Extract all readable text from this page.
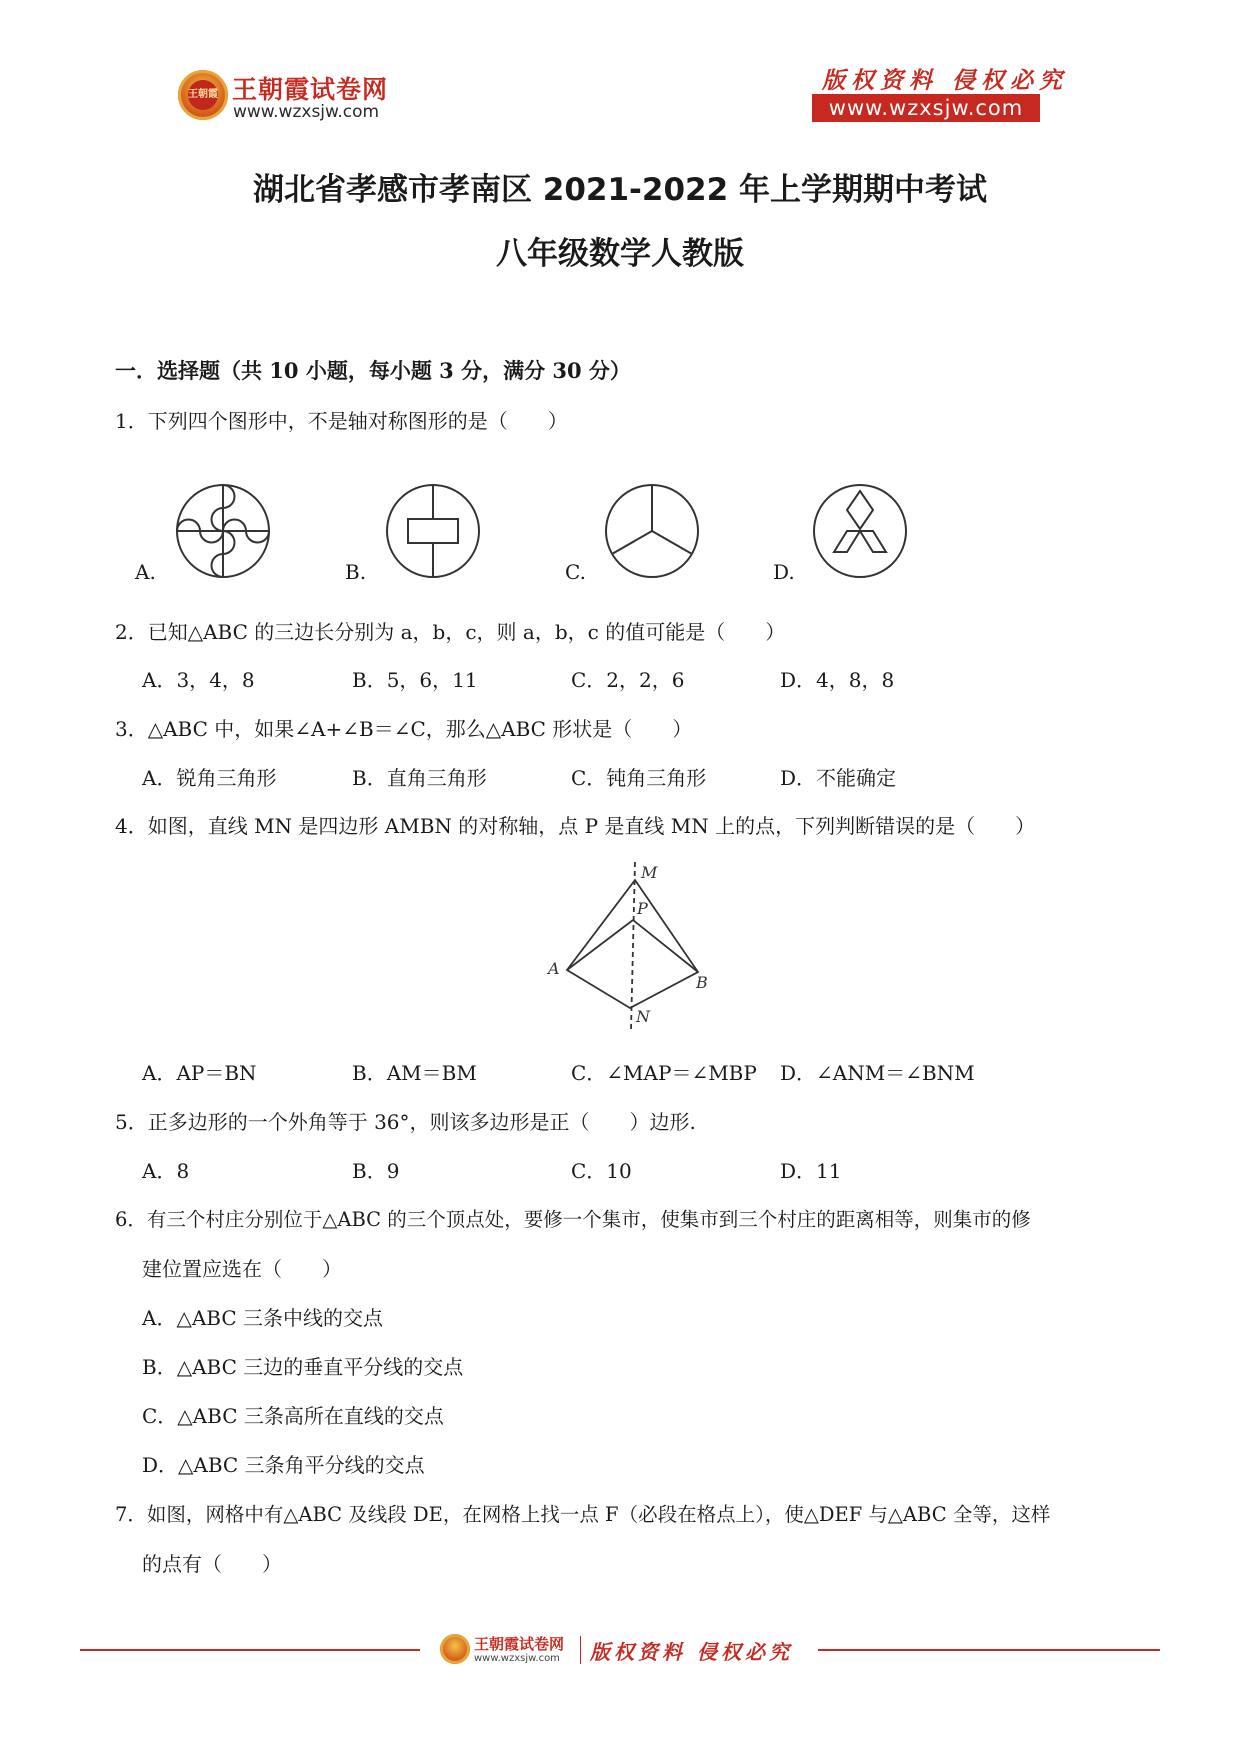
王朝霞 王朝霞试卷网
www.wzxsjw.com
版权资料 侵权必究
www.wzxsjw.com
湖北省孝感市孝南区 2021-2022 年上学期期中考试
八年级数学人教版
一．选择题（共 10 小题，每小题 3 分，满分 30 分）
1．下列四个图形中，不是轴对称图形的是（　　）
A.	B.	C.	D.
2．已知△ABC 的三边长分别为 a，b，c，则 a，b，c 的值可能是（　　）
A．3，4，8	B．5，6，11	C．2，2，6	D．4，8，8
3．△ABC 中，如果∠A+∠B＝∠C，那么△ABC 形状是（　　）
A．锐角三角形	B．直角三角形	C．钝角三角形	D．不能确定
4．如图，直线 MN 是四边形 AMBN 的对称轴，点 P 是直线 MN 上的点，下列判断错误的是（　　）
M
P
A
B
N
A．AP＝BN	B．AM＝BM	C．∠MAP＝∠MBP D．∠ANM＝∠BNM
5．正多边形的一个外角等于 36°，则该多边形是正（　　）边形.
A．8	B．9	C．10	D．11
6．有三个村庄分别位于△ABC 的三个顶点处，要修一个集市，使集市到三个村庄的距离相等，则集市的修
建位置应选在（　　）
A．△ABC 三条中线的交点
B．△ABC 三边的垂直平分线的交点
C．△ABC 三条高所在直线的交点
D．△ABC 三条角平分线的交点
7．如图，网格中有△ABC 及线段 DE，在网格上找一点 F（必段在格点上），使△DEF 与△ABC 全等，这样
的点有（　　）
王朝霞试卷网
www.wzxsjw.com 版权资料 侵权必究
